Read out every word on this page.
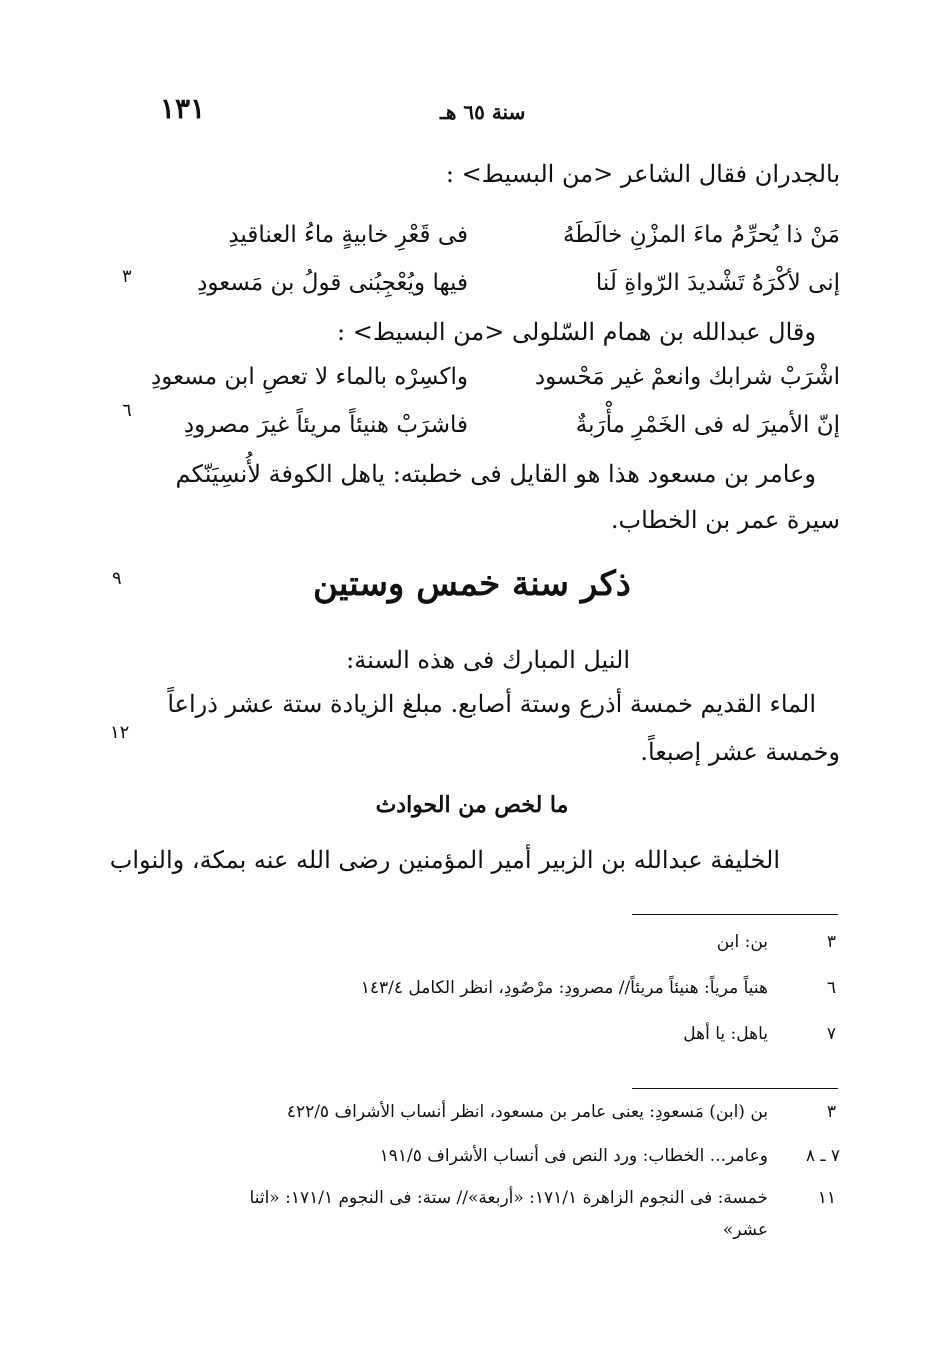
١٣١	سنة ٦٥ هـ
بالجدران فقال الشاعر <من البسيط> :
مَنْ ذا يُحرِّمُ ماءَ المزْنِ خالَطَهُ
فى قَعْرِ خابيةٍ ماءُ العناقيدِ
إنى لأكْرَهُ تَشْديدَ الرّواةِ لَنا
فيها ويُعْجِبُنى قولُ بن مَسعودِ
٣
وقال عبدالله بن همام السّلولى <من البسيط> :
اشْرَبْ شرابك وانعمْ غير مَحْسود
واكسِرْه بالماء لا تعصِ ابن مسعودِ
إنّ الأميرَ له فى الخَمْرِ مأْرَبةٌ
فاشرَبْ هنيئاً مريئاً غيرَ مصرودِ
٦
وعامر بن مسعود هذا هو القايل فى خطبته: ياهل الكوفة لأُنسِيَنّكم
سيرة عمر بن الخطاب.
ذكر سنة خمس وستين
٩
النيل المبارك فى هذه السنة:
الماء القديم خمسة أذرع وستة أصابع. مبلغ الزيادة ستة عشر ذراعاً
وخمسة عشر إصبعاً.
١٢
ما لخص من الحوادث
الخليفة عبدالله بن الزبير أمير المؤمنين رضى الله عنه بمكة، والنواب
٣
بن: ابن
٦
هنياً مرياً: هنيئاً مريئاً// مصرودِ: مرْصُودِ، انظر الكامل ١٤٣/٤
٧
ياهل: يا أهل
٣
بن (ابن) مَسعودِ: يعنى عامر بن مسعود، انظر أنساب الأشراف ٤٢٢/٥
٧ ـ ٨
وعامر... الخطاب: ورد النص فى أنساب الأشراف ١٩١/٥
١١
خمسة: فى النجوم الزاهرة ١٧١/١: «أربعة»// ستة: فى النجوم ١٧١/١: «اثنا
عشر»
